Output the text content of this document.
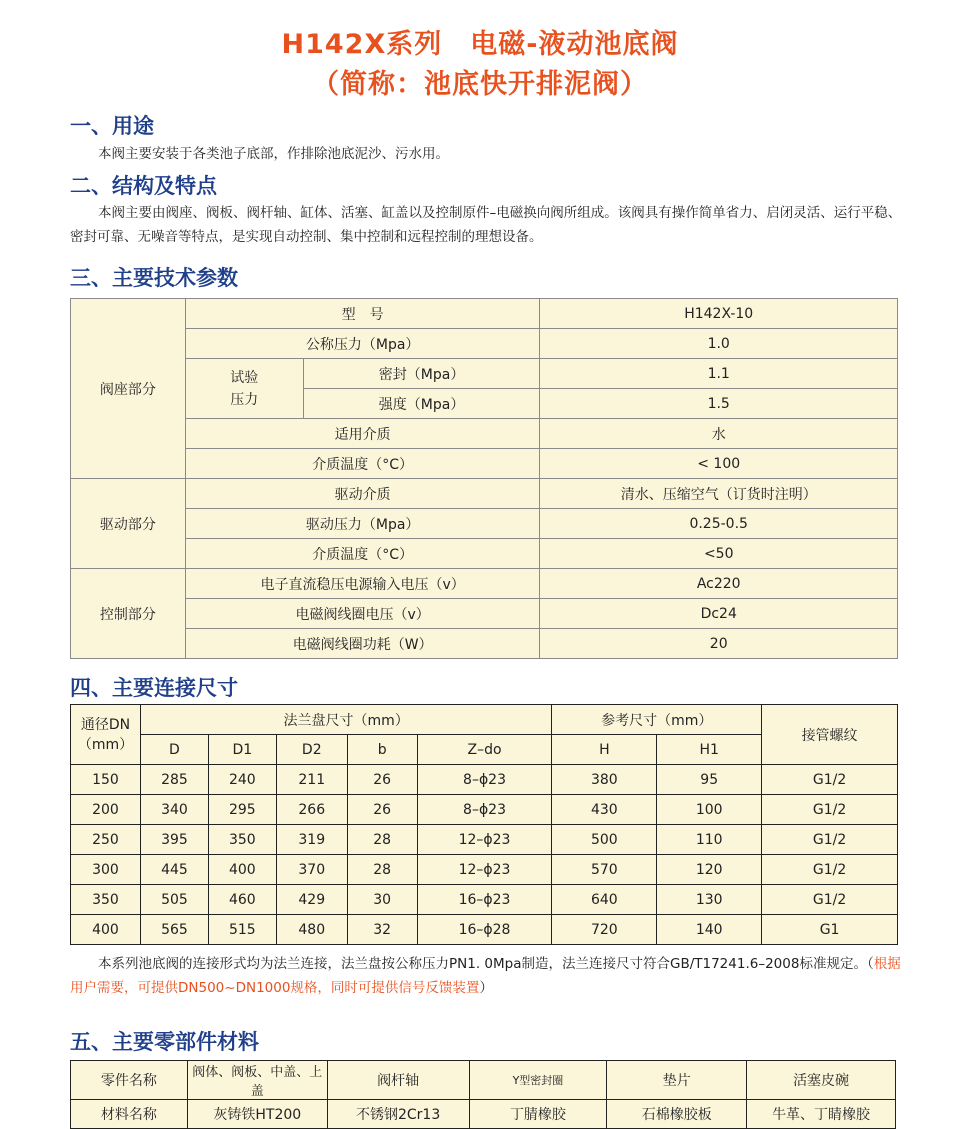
H142X系列　电磁-液动池底阀
（简称：池底快开排泥阀）
一、用途
本阀主要安装于各类池子底部，作排除池底泥沙、污水用。
二、结构及特点
本阀主要由阀座、阀板、阀杆轴、缸体、活塞、缸盖以及控制原件–电磁换向阀所组成。该阀具有操作简单省力、启闭灵活、运行平稳、密封可靠、无噪音等特点，是实现自动控制、集中控制和远程控制的理想设备。
三、主要技术参数
阀座部分	型　号		H142X-10
	公称压力（Mpa）		1.0

	试验
压力	密封（Mpa）	1.1
		强度（Mpa）	1.5
	适用介质		水
	介质温度（°C）		< 100
驱动部分	驱动介质		清水、压缩空气（订货时注明）
	驱动压力（Mpa）		0.25-0.5
	介质温度（°C）		<50
控制部分	电子直流稳压电源输入电压（v）		Ac220
	电磁阀线圈电压（v）		Dc24
	电磁阀线圈功耗（W）		20
四、主要连接尺寸
通径DN
（mm）	法兰盘尺寸（mm）					参考尺寸（mm）		接管螺纹
	D	D1	D2	b	Z–do	H	H1	
150	285	240	211	26	8–ϕ23	380	95	G1/2
200	340	295	266	26	8–ϕ23	430	100	G1/2
250	395	350	319	28	12–ϕ23	500	110	G1/2
300	445	400	370	28	12–ϕ23	570	120	G1/2
350	505	460	429	30	16–ϕ23	640	130	G1/2
400	565	515	480	32	16–ϕ28	720	140	G1
本系列池底阀的连接形式均为法兰连接，法兰盘按公称压力PN1. 0Mpa制造，法兰连接尺寸符合GB/T17241.6–2008标准规定。（根据用户需要，可提供DN500~DN1000规格，同时可提供信号反馈装置）
五、主要零部件材料
零件名称	阀体、阀板、中盖、上盖	阀杆轴	Y型密封圈	垫片	活塞皮碗
材料名称	灰铸铁HT200	不锈钢2Cr13	丁腈橡胶	石棉橡胶板	牛革、丁睛橡胶
